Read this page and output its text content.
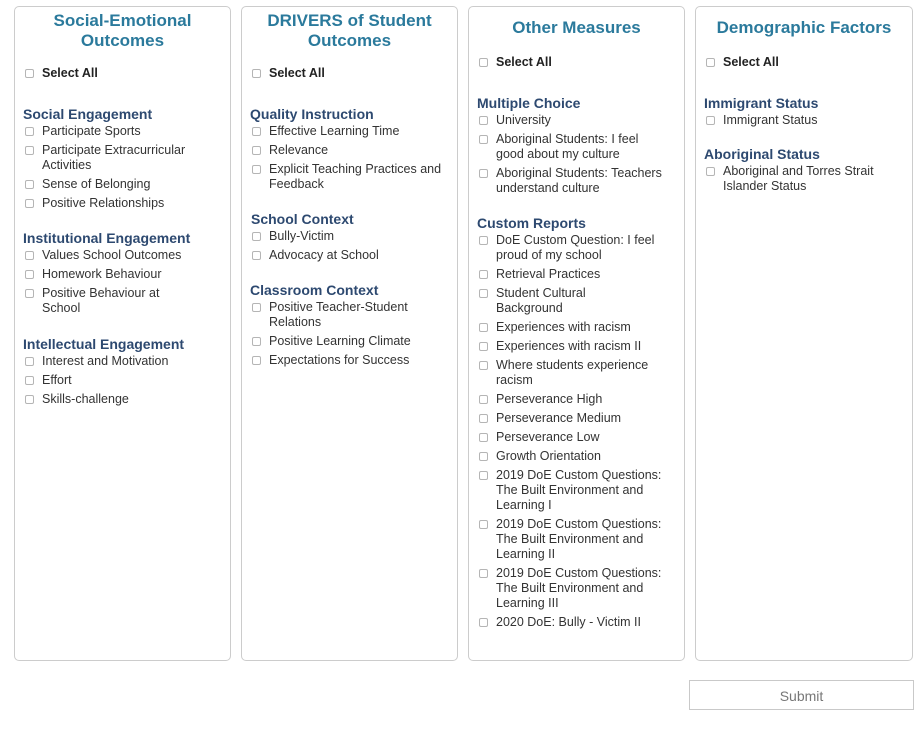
Social-Emotional
Outcomes
Select All
Social Engagement
Participate Sports
Participate Extracurricular Activities
Sense of Belonging
Positive Relationships
Institutional Engagement
Values School Outcomes
Homework Behaviour
Positive Behaviour at School
Intellectual Engagement
Interest and Motivation
Effort
Skills-challenge
DRIVERS of Student
Outcomes
Select All
Quality Instruction
Effective Learning Time
Relevance
Explicit Teaching Practices and Feedback
School Context
Bully-Victim
Advocacy at School
Classroom Context
Positive Teacher-Student Relations
Positive Learning Climate
Expectations for Success
Other Measures
Select All
Multiple Choice
University
Aboriginal Students: I feel good about my culture
Aboriginal Students: Teachers understand culture
Custom Reports
DoE Custom Question: I feel proud of my school
Retrieval Practices
Student Cultural Background
Experiences with racism
Experiences with racism II
Where students experience racism
Perseverance High
Perseverance Medium
Perseverance Low
Growth Orientation
2019 DoE Custom Questions: The Built Environment and Learning I
2019 DoE Custom Questions: The Built Environment and Learning II
2019 DoE Custom Questions: The Built Environment and Learning III
2020 DoE: Bully - Victim II
Demographic Factors
Select All
Immigrant Status
Immigrant Status
Aboriginal Status
Aboriginal and Torres Strait Islander Status
Submit
